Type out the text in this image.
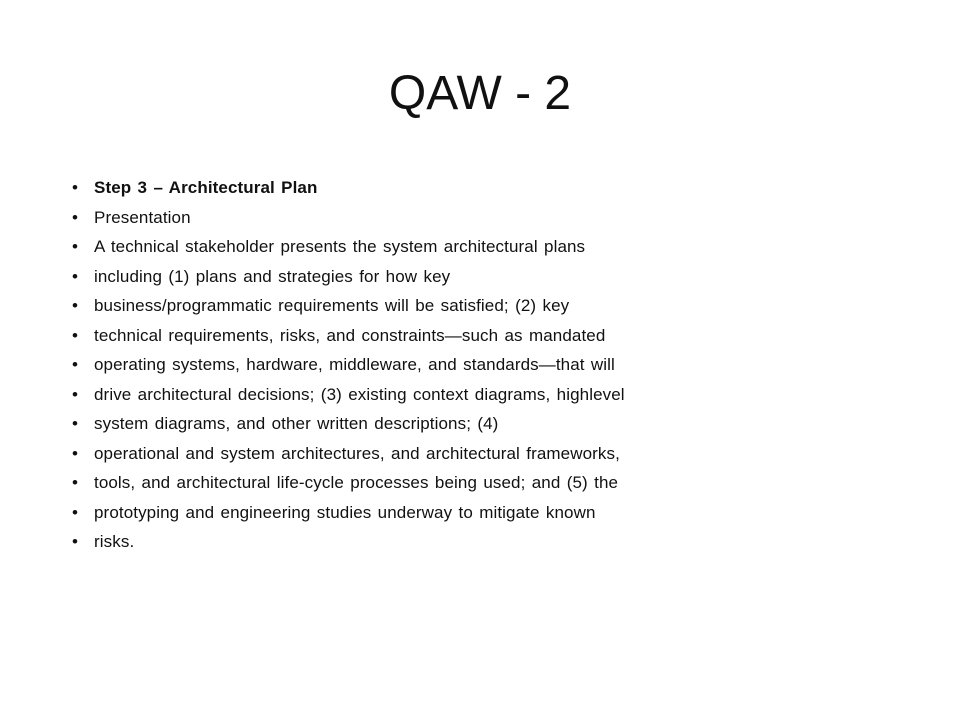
QAW - 2
• Step 3 – Architectural Plan
• Presentation
• A technical stakeholder presents the system architectural plans
• including (1) plans and strategies for how key
• business/programmatic requirements will be satisfied; (2) key
• technical requirements, risks, and constraints—such as mandated
• operating systems, hardware, middleware, and standards—that will
• drive architectural decisions; (3) existing context diagrams, highlevel
• system diagrams, and other written descriptions; (4)
• operational and system architectures, and architectural frameworks,
• tools, and architectural life-cycle processes being used; and (5) the
• prototyping and engineering studies underway to mitigate known
• risks.
